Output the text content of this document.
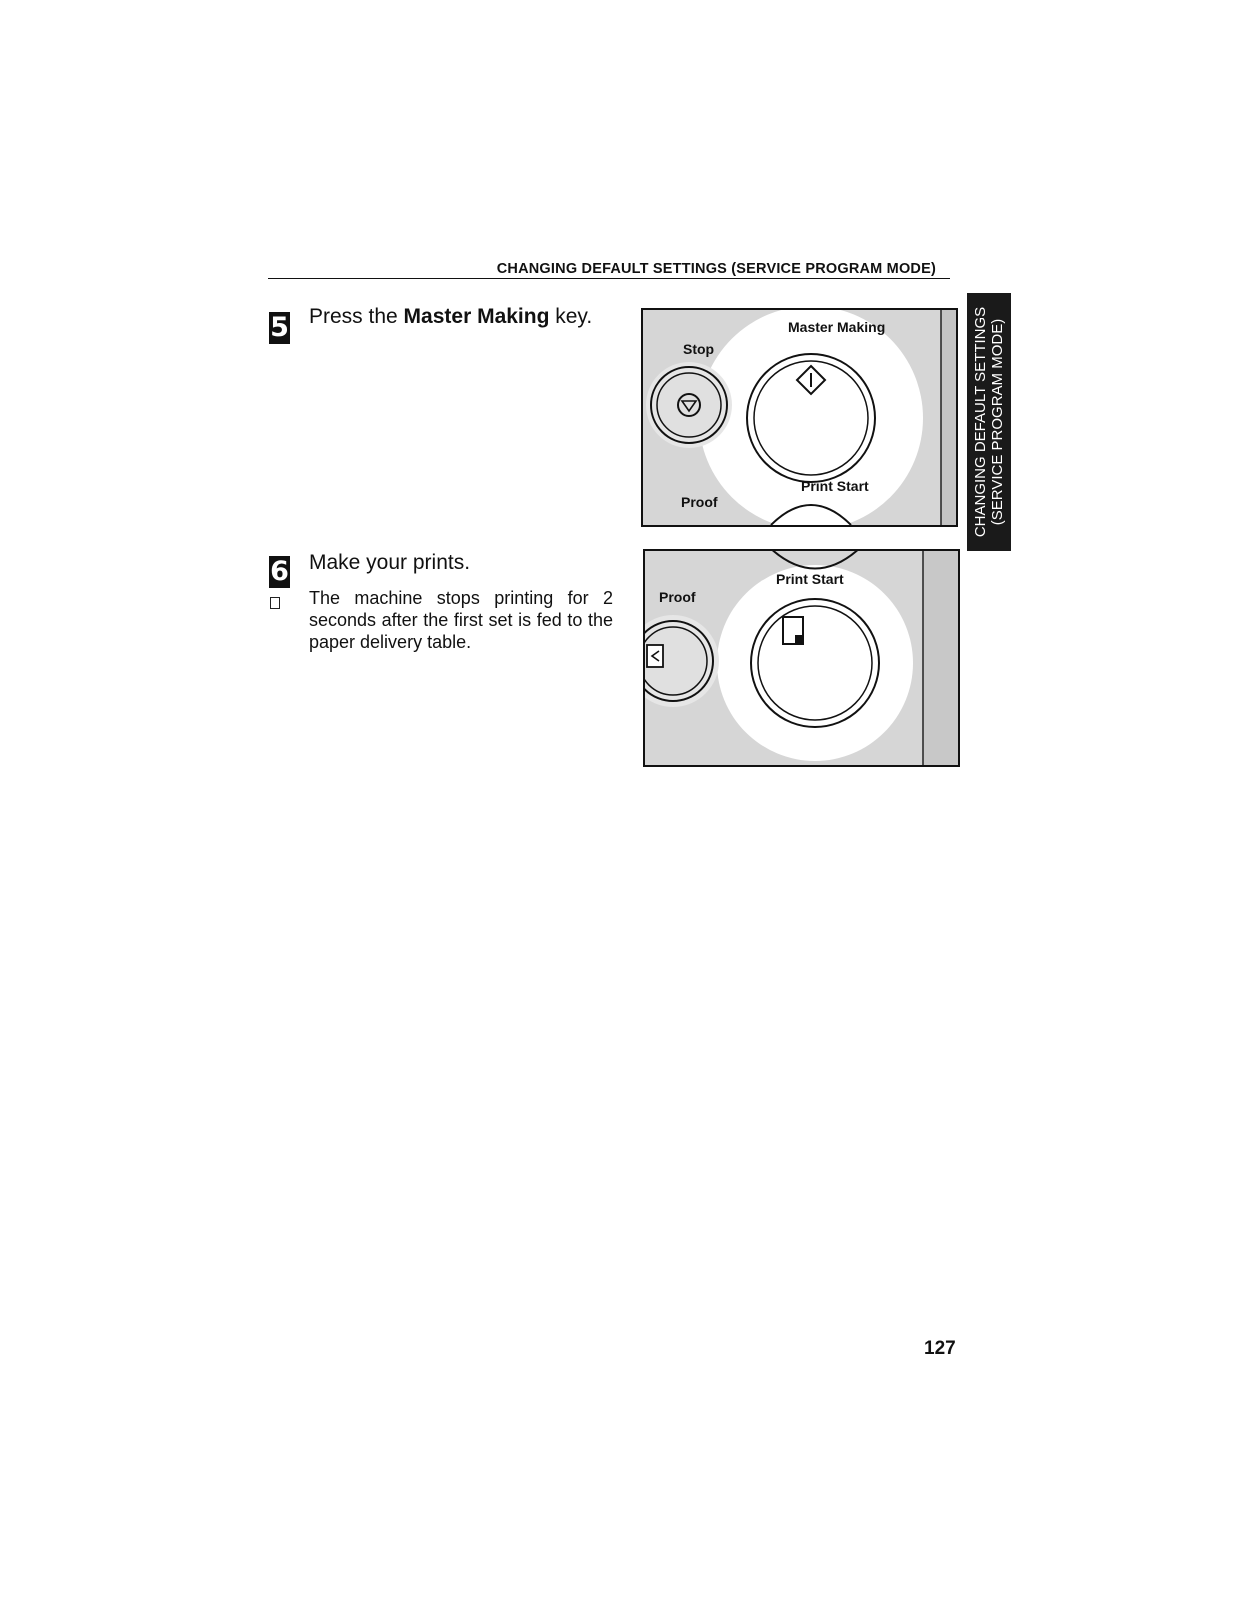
CHANGING DEFAULT SETTINGS (SERVICE PROGRAM MODE)
CHANGING DEFAULT SETTINGS (SERVICE PROGRAM MODE)
5 Press the Master Making key.	Master Making
Stop
Print Start
Proof
6 Make your prints.
The machine stops printing for 2 seconds after the first set is fed to the paper delivery table.
Print Start
Proof
127
